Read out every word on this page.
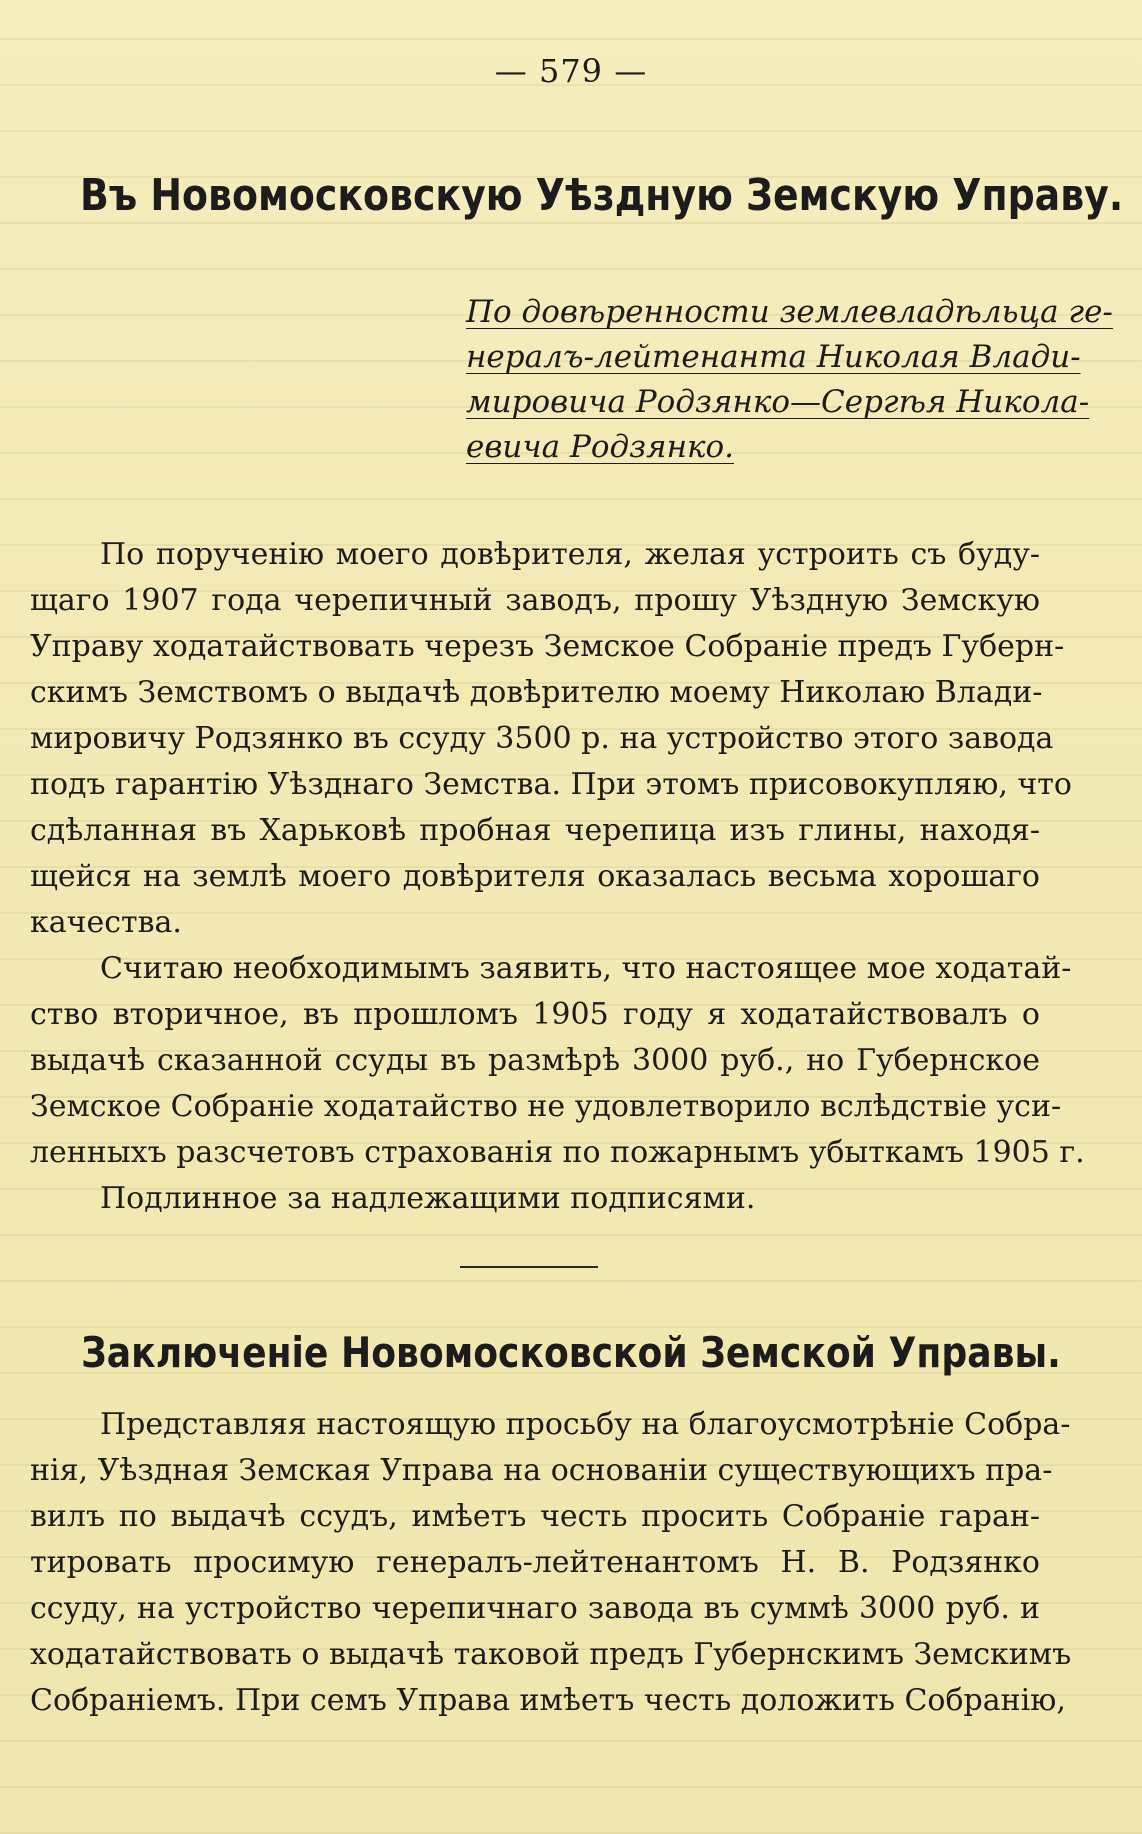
— 579 —
Въ Новомосковскую Уѣздную Земскую Управу.
По довѣренности землевладѣльца ге-
нералъ-лейтенанта Николая Влади-
мировича Родзянко—Сергѣя Никола-
евича Родзянко.
По порученію моего довѣрителя, желая устроить съ буду-
щаго 1907 года черепичный заводъ, прошу Уѣздную Земскую
Управу ходатайствовать черезъ Земское Собраніе предъ Губерн-
скимъ Земствомъ о выдачѣ довѣрителю моему Николаю Влади-
мировичу Родзянко въ ссуду 3500 р. на устройство этого завода
подъ гарантію Уѣзднаго Земства. При этомъ присовокупляю, что
сдѣланная въ Харьковѣ пробная черепица изъ глины, находя-
щейся на землѣ моего довѣрителя оказалась весьма хорошаго
качества.
Считаю необходимымъ заявить, что настоящее мое ходатай-
ство вторичное, въ прошломъ 1905 году я ходатайствовалъ о
выдачѣ сказанной ссуды въ размѣрѣ 3000 руб., но Губернское
Земское Собраніе ходатайство не удовлетворило вслѣдствіе уси-
ленныхъ разсчетовъ страхованія по пожарнымъ убыткамъ 1905 г.
Подлинное за надлежащими подписями.
Заключеніе Новомосковской Земской Управы.
Представляя настоящую просьбу на благоусмотрѣніе Собра-
нія, Уѣздная Земская Управа на основаніи существующихъ пра-
вилъ по выдачѣ ссудъ, имѣетъ честь просить Собраніе гаран-
тировать просимую генералъ-лейтенантомъ Н. В. Родзянко
ссуду, на устройство черепичнаго завода въ суммѣ 3000 руб. и
ходатайствовать о выдачѣ таковой предъ Губернскимъ Земскимъ
Собраніемъ. При семъ Управа имѣетъ честь доложить Собранію,
